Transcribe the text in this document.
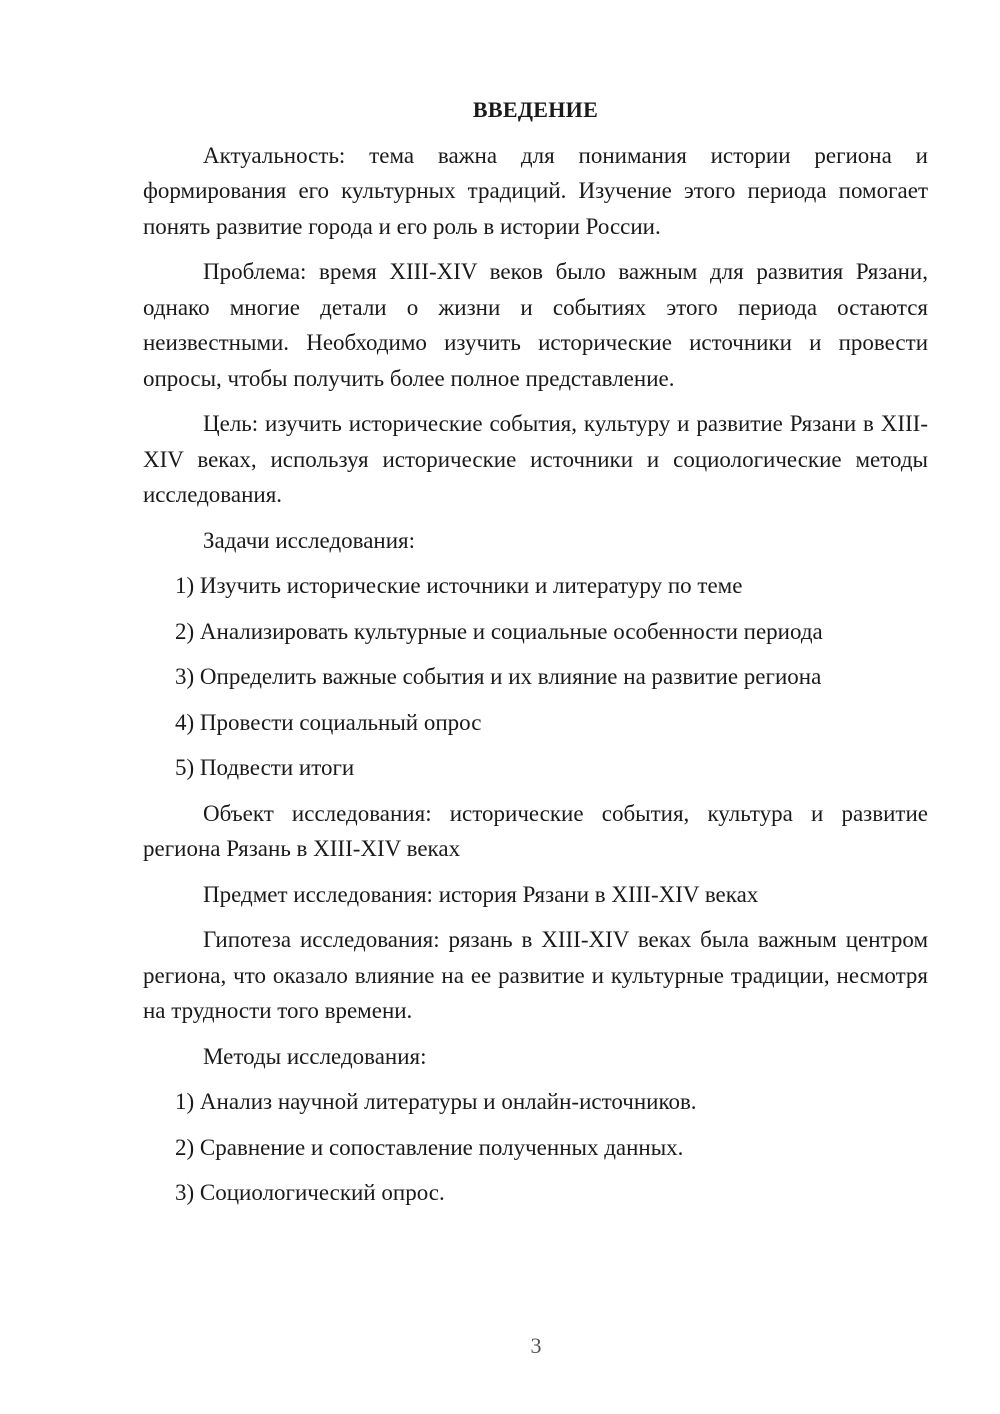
ВВЕДЕНИЕ
Актуальность: тема важна для понимания истории региона и формирования его культурных традиций. Изучение этого периода помогает понять развитие города и его роль в истории России.
Проблема: время XIII-XIV веков было важным для развития Рязани, однако многие детали о жизни и событиях этого периода остаются неизвестными. Необходимо изучить исторические источники и провести опросы, чтобы получить более полное представление.
Цель: изучить исторические события, культуру и развитие Рязани в XIII-XIV веках, используя исторические источники и социологические методы исследования.
Задачи исследования:
1) Изучить исторические источники и литературу по теме
2) Анализировать культурные и социальные особенности периода
3) Определить важные события и их влияние на развитие региона
4) Провести социальный опрос
5) Подвести итоги
Объект исследования: исторические события, культура и развитие региона Рязань в XIII-XIV веках
Предмет исследования: история Рязани в XIII-XIV веках
Гипотеза исследования: рязань в XIII-XIV веках была важным центром региона, что оказало влияние на ее развитие и культурные традиции, несмотря на трудности того времени.
Методы исследования:
1) Анализ научной литературы и онлайн-источников.
2) Сравнение и сопоставление полученных данных.
3) Социологический опрос.
3
